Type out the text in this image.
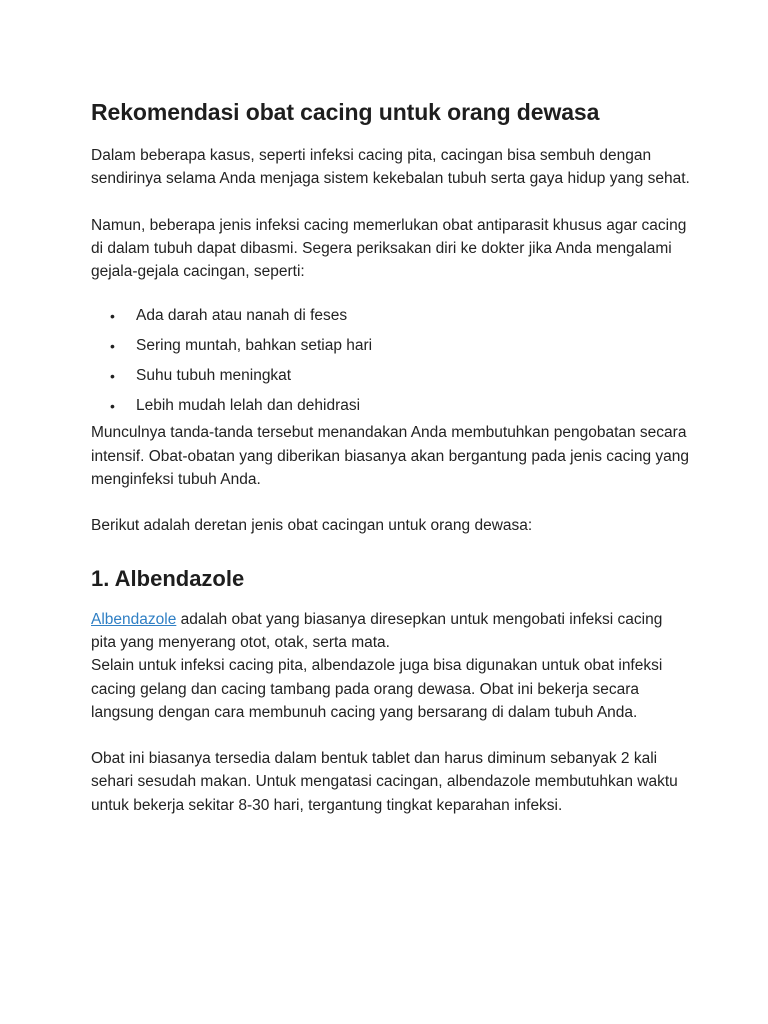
Rekomendasi obat cacing untuk orang dewasa

Dalam beberapa kasus, seperti infeksi cacing pita, cacingan bisa sembuh dengan sendirinya selama Anda menjaga sistem kekebalan tubuh serta gaya hidup yang sehat.

Namun, beberapa jenis infeksi cacing memerlukan obat antiparasit khusus agar cacing di dalam tubuh dapat dibasmi. Segera periksakan diri ke dokter jika Anda mengalami gejala-gejala cacingan, seperti:

• Ada darah atau nanah di feses
• Sering muntah, bahkan setiap hari
• Suhu tubuh meningkat
• Lebih mudah lelah dan dehidrasi

Munculnya tanda-tanda tersebut menandakan Anda membutuhkan pengobatan secara intensif. Obat-obatan yang diberikan biasanya akan bergantung pada jenis cacing yang menginfeksi tubuh Anda.

Berikut adalah deretan jenis obat cacingan untuk orang dewasa:

1. Albendazole

Albendazole adalah obat yang biasanya diresepkan untuk mengobati infeksi cacing pita yang menyerang otot, otak, serta mata.

Selain untuk infeksi cacing pita, albendazole juga bisa digunakan untuk obat infeksi cacing gelang dan cacing tambang pada orang dewasa. Obat ini bekerja secara langsung dengan cara membunuh cacing yang bersarang di dalam tubuh Anda.

Obat ini biasanya tersedia dalam bentuk tablet dan harus diminum sebanyak 2 kali sehari sesudah makan. Untuk mengatasi cacingan, albendazole membutuhkan waktu untuk bekerja sekitar 8-30 hari, tergantung tingkat keparahan infeksi.
